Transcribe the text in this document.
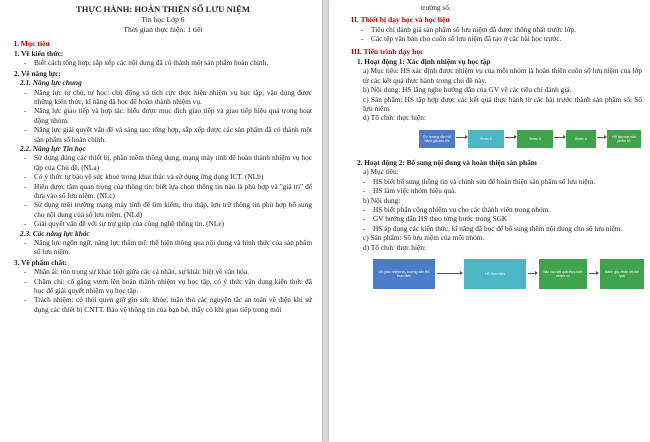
THỰC HÀNH: HOÀN THIỆN SỔ LƯU NIỆM
Tin học Lớp 6
Thời gian thực hiện: 1 tiết
I. Mục tiêu
1. Về kiến thức:
- Biết cách tổng hợp, sắp xếp các nội dung đã có thành một sản phẩm hoàn chỉnh.
2. Về năng lực:
2.1. Năng lực chung
- Năng lực tự chủ, tự học: chủ động và tích cực thực hiện nhiệm vụ học tập; vận dụng được những kiến thức, kĩ năng đã học để hoàn thành nhiệm vụ.
- Năng lực giao tiếp và hợp tác: hiểu được mục đích giao tiếp và giao tiếp hiệu quả trong hoạt động nhóm.
- Năng lực giải quyết vấn đề và sáng tạo: tổng hợp, sắp xếp được các sản phẩm đã có thành một sản phẩm sổ hoàn chỉnh.
2.2. Năng lực Tin học
- Sử dụng đúng các thiết bị, phần mềm thông dụng, mạng máy tính để hoàn thành nhiệm vụ học tập của Chủ đề. (NLa)
- Có ý thức tự bảo vệ sức khoẻ trong khai thác và sử dụng ứng dụng ICT. (NLb)
- Hiểu được tầm quan trọng của thông tin: biết lựa chọn thông tin nào là phù hợp và "giá trị" để đưa vào sổ lưu niệm. (NLc)
- Sử dụng môi trường mạng máy tính để tìm kiếm, thu thập, lưu trữ thông tin phù hợp bổ sung cho nội dung của sổ lưu niệm. (NLd)
- Giải quyết vấn đề với sự trợ giúp của công nghệ thông tin. (NLe)
2.3. Các năng lực khác
- Năng lực ngôn ngữ, năng lực thẩm mĩ: thể hiện thông qua nội dung và hình thức của sản phẩm sổ lưu niệm.
3. Về phẩm chất:
- Nhân ái: tôn trọng sự khác biệt giữa các cá nhân, sự khác biệt về văn hóa.
- Chăm chỉ: cố gắng vươn lên hoàn thành nhiệm vụ học tập, có ý thức vận dụng kiến thức đã học để giải quyết nhiệm vụ học tập.
- Trách nhiệm: có thói quen giữ gìn sức khỏe, tuân thủ các nguyên tắc an toàn về điện khi sử dụng các thiết bị CNTT. Bảo vệ thông tin của bạn bè, thấy có khi giao tiếp trong môi
trường số.
II. Thiết bị dạy học và học liệu
- Tiêu chí đánh giá sản phẩm sổ lưu niệm đã được thống nhất trước lớp.
- Các tệp văn bản cho cuốn sổ lưu niệm đã tạo ở các bài học trước.
III. Tiến trình dạy học
1. Hoạt động 1: Xác định nhiệm vụ học tập
a) Mục tiêu: HS xác định được nhiệm vụ của mỗi nhóm là hoàn thiện cuốn sổ lưu niệm của lớp từ các kết quả thực hành trong chủ đề này.
b) Nội dung: HS lắng nghe hướng dẫn của GV về các tiêu chí đánh giá.
c) Sản phẩm: HS tập hợp được các kết quả thực hành từ các bài trước thành sản phẩm sổ: Sổ lưu niệm.
d) Tổ chức thực hiện:
GV hướng dẫn HS đánh giá tiêu chí	Bước 2	Bước 3	Bước 4	HS tập hợp sản phẩm sổ
2. Hoạt động 2: Bổ sung nội dung và hoàn thiện sản phẩm
a) Mục tiêu:
- HS biết bổ sung thông tin và chỉnh sửa để hoàn thiện sản phẩm sổ lưu niệm.
- HS làm việc nhóm hiệu quả.
b) Nội dung:
- HS biết phân công nhiệm vụ cho các thành viên trong nhóm.
- GV hướng dẫn HS theo từng bước trong SGK
- HS áp dụng các kiến thức, kĩ năng đã học để bổ sung thêm nội dung cho sổ lưu niệm.
c) Sản phẩm: Sổ lưu niệm của mỗi nhóm.
d) Tổ chức thực hiện:
GV giao nhiệm vụ, hướng dẫn HS thực hiện	HS thực hiện	Báo cáo kết quả thực hiện nhiệm vụ
Đánh giá, nhận xét kết quả
